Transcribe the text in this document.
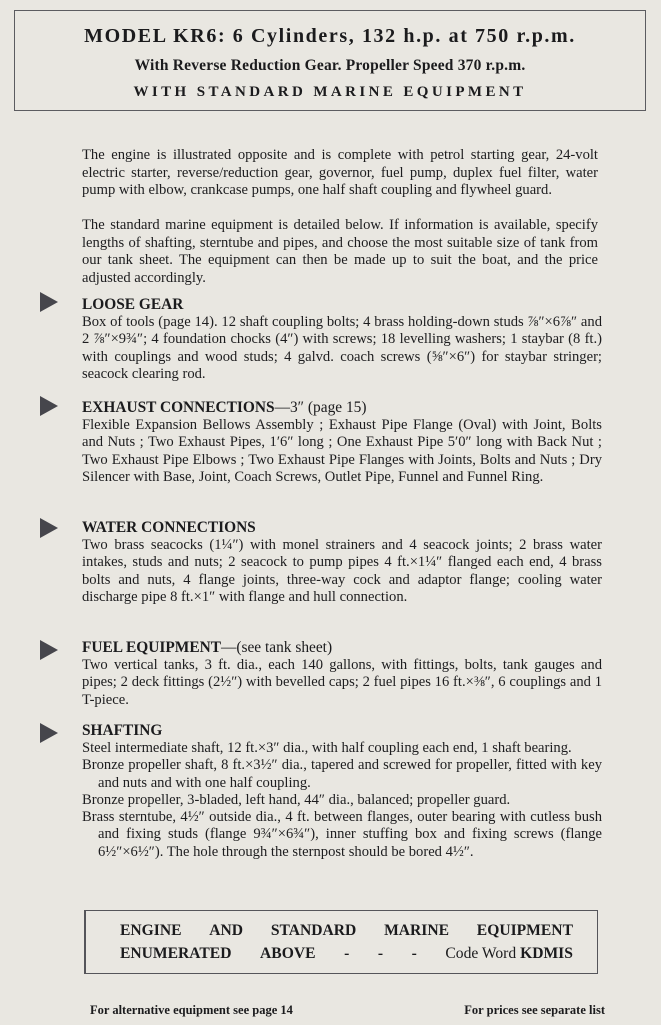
MODEL KR6: 6 Cylinders, 132 h.p. at 750 r.p.m.
With Reverse Reduction Gear. Propeller Speed 370 r.p.m.
WITH STANDARD MARINE EQUIPMENT

The engine is illustrated opposite and is complete with petrol starting gear, 24-volt electric starter, reverse/reduction gear, governor, fuel pump, duplex fuel filter, water pump with elbow, crankcase pumps, one half shaft coupling and flywheel guard.

The standard marine equipment is detailed below. If information is available, specify lengths of shafting, sterntube and pipes, and choose the most suitable size of tank from our tank sheet. The equipment can then be made up to suit the boat, and the price adjusted accordingly.

LOOSE GEAR

Box of tools (page 14). 12 shaft coupling bolts; 4 brass holding-down studs ⅞″×6⅞″ and 2 ⅞″×9¾″; 4 foundation chocks (4″) with screws; 18 levelling washers; 1 staybar (8 ft.) with couplings and wood studs; 4 galvd. coach screws (⅝″×6″) for staybar stringer; seacock clearing rod.

EXHAUST CONNECTIONS—3″ (page 15)

Flexible Expansion Bellows Assembly ; Exhaust Pipe Flange (Oval) with Joint, Bolts and Nuts ; Two Exhaust Pipes, 1′6″ long ; One Exhaust Pipe 5′0″ long with Back Nut ; Two Exhaust Pipe Elbows ; Two Exhaust Pipe Flanges with Joints, Bolts and Nuts ; Dry Silencer with Base, Joint, Coach Screws, Outlet Pipe, Funnel and Funnel Ring.

WATER CONNECTIONS

Two brass seacocks (1¼″) with monel strainers and 4 seacock joints; 2 brass water intakes, studs and nuts; 2 seacock to pump pipes 4 ft.×1¼″ flanged each end, 4 brass bolts and nuts, 4 flange joints, three-way cock and adaptor flange; cooling water discharge pipe 8 ft.×1″ with flange and hull connection.

FUEL EQUIPMENT—(see tank sheet)

Two vertical tanks, 3 ft. dia., each 140 gallons, with fittings, bolts, tank gauges and pipes; 2 deck fittings (2½″) with bevelled caps; 2 fuel pipes 16 ft.×⅜″, 6 couplings and 1 T-piece.

SHAFTING
Steel intermediate shaft, 12 ft.×3″ dia., with half coupling each end, 1 shaft bearing.
Bronze propeller shaft, 8 ft.×3½″ dia., tapered and screwed for propeller, fitted with key and nuts and with one half coupling.
Bronze propeller, 3-bladed, left hand, 44″ dia., balanced; propeller guard.
Brass sterntube, 4½″ outside dia., 4 ft. between flanges, outer bearing with cutless bush and fixing studs (flange 9¾″×6¾″), inner stuffing box and fixing screws (flange 6½″×6½″). The hole through the sternpost should be bored 4½″.
ENGINE AND STANDARD MARINE EQUIPMENT
ENUMERATED ABOVE - - - Code Word KDMIS
For alternative equipment see page 14	For prices see separate list
